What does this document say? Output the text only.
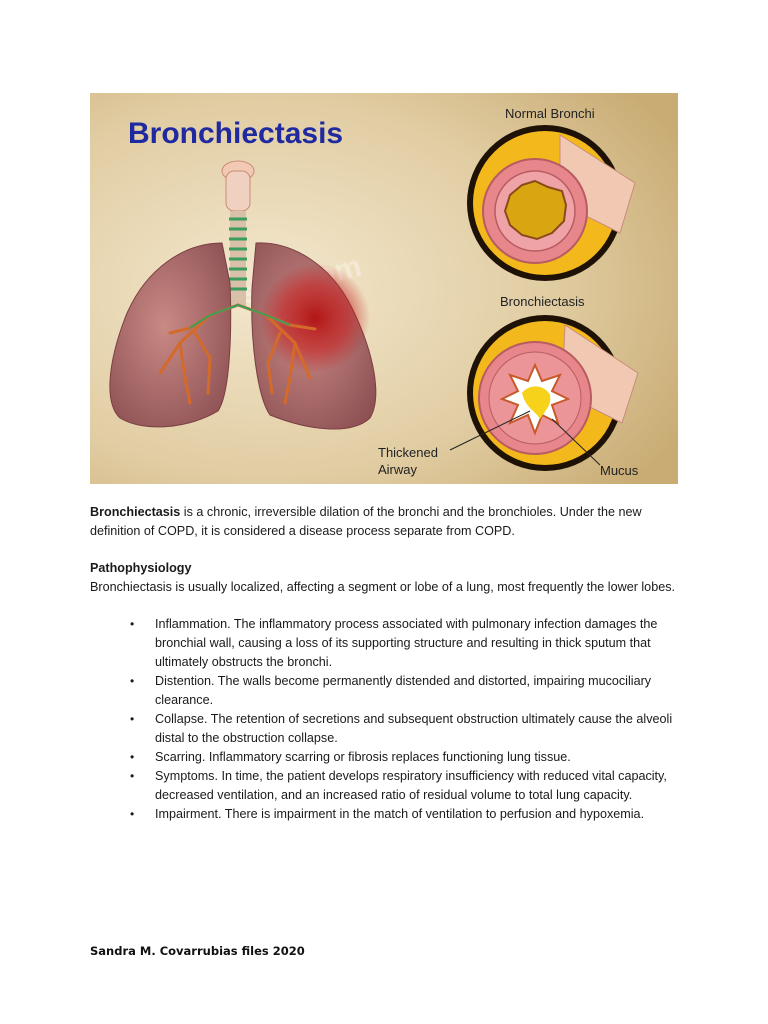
Bronchiectasis
Normal Bronchi
Bronchiectasis
Thickened
Airway	Mucus

Bronchiectasis is a chronic, irreversible dilation of the bronchi and the bronchioles. Under the new definition of COPD, it is considered a disease process separate from COPD.

Pathophysiology

Bronchiectasis is usually localized, affecting a segment or lobe of a lung, most frequently the lower lobes.

• Inflammation. The inflammatory process associated with pulmonary infection damages the bronchial wall, causing a loss of its supporting structure and resulting in thick sputum that ultimately obstructs the bronchi.
• Distention. The walls become permanently distended and distorted, impairing mucociliary clearance.
• Collapse. The retention of secretions and subsequent obstruction ultimately cause the alveoli distal to the obstruction collapse.
• Scarring. Inflammatory scarring or fibrosis replaces functioning lung tissue.
• Symptoms. In time, the patient develops respiratory insufficiency with reduced vital capacity, decreased ventilation, and an increased ratio of residual volume to total lung capacity.
• Impairment. There is impairment in the match of ventilation to perfusion and hypoxemia.
Sandra M. Covarrubias files 2020
